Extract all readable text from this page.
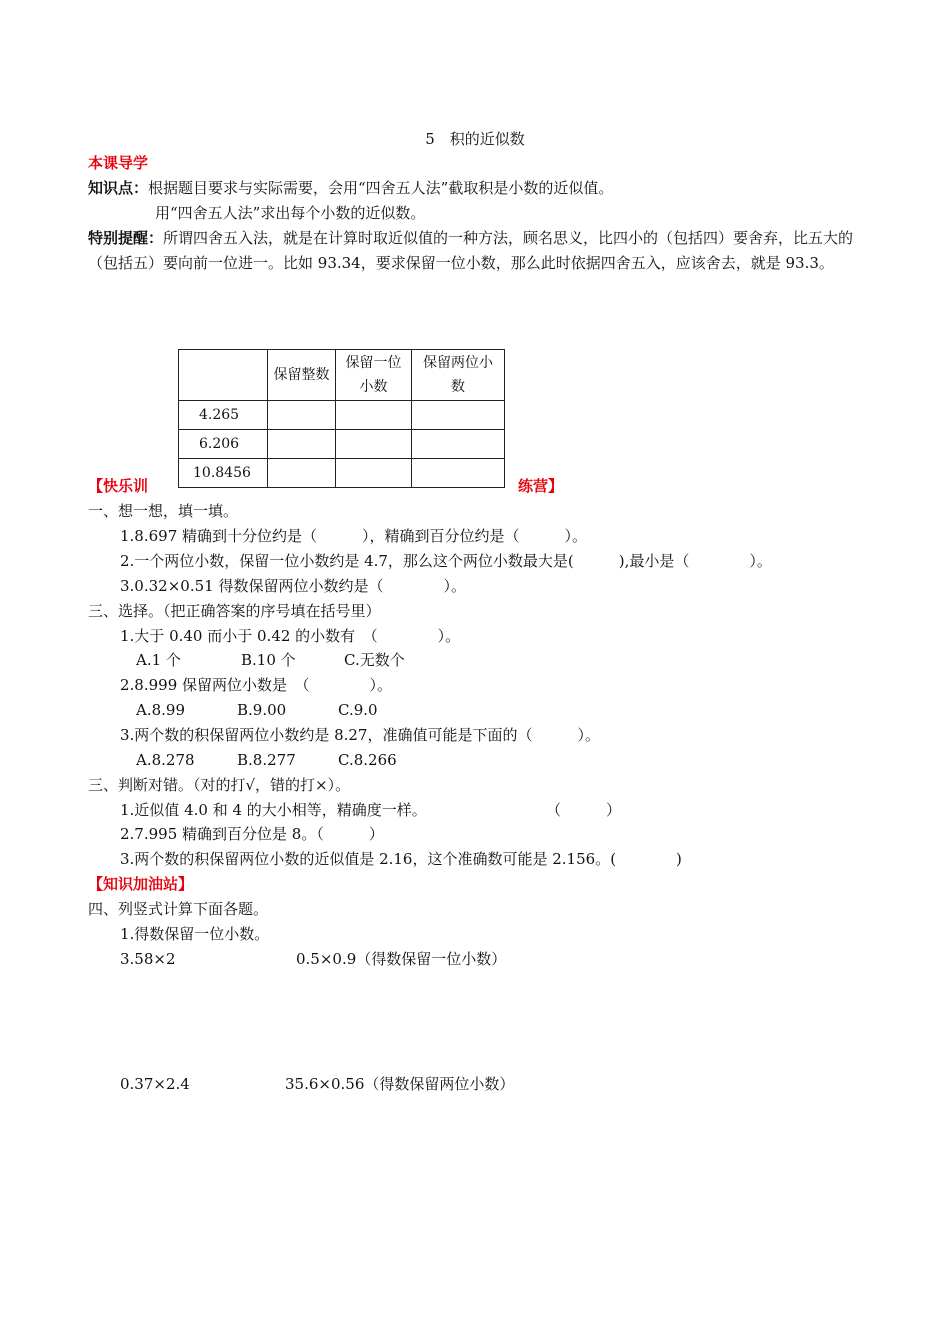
5　积的近似数
本课导学
知识点：根据题目要求与实际需要，会用“四舍五人法”截取积是小数的近似值。
用“四舍五人法”求出每个小数的近似数。
特别提醒：所谓四舍五入法，就是在计算时取近似值的一种方法，顾名思义，比四小的（包括四）要舍弃，比五大的（包括五）要向前一位进一。比如 93.34，要求保留一位小数，那么此时依据四舍五入，应该舍去，就是 93.3。
	保留整数	保留一位小数	保留两位小数
4.265			
6.206			
10.8456			
【快乐训	练营】
一、想一想，填一填。
1.8.697 精确到十分位约是（　　　），精确到百分位约是（　　　）。
2.一个两位小数，保留一位小数约是 4.7，那么这个两位小数最大是(　　　),最小是（　　　　）。
3.0.32×0.51 得数保留两位小数约是（　　　　）。
三、选择。（把正确答案的序号填在括号里）
1.大于 0.40 而小于 0.42 的小数有　（　　　　）。
A.1 个	B.10 个	C.无数个
2.8.999 保留两位小数是　（　　　　）。
A.8.99	B.9.00	C.9.0
3.两个数的积保留两位小数约是 8.27，准确值可能是下面的（　　　）。
A.8.278	B.8.277	C.8.266
三、判断对错。（对的打√，错的打×）。
1.近似值 4.0 和 4 的大小相等，精确度一样。	（　　　）
2.7.995 精确到百分位是 8。（　　　）
3.两个数的积保留两位小数的近似值是 2.16，这个准确数可能是 2.156。(　　　　)
【知识加油站】
四、列竖式计算下面各题。
1.得数保留一位小数。
3.58×2	0.5×0.9（得数保留一位小数）
0.37×2.4	35.6×0.56（得数保留两位小数）
